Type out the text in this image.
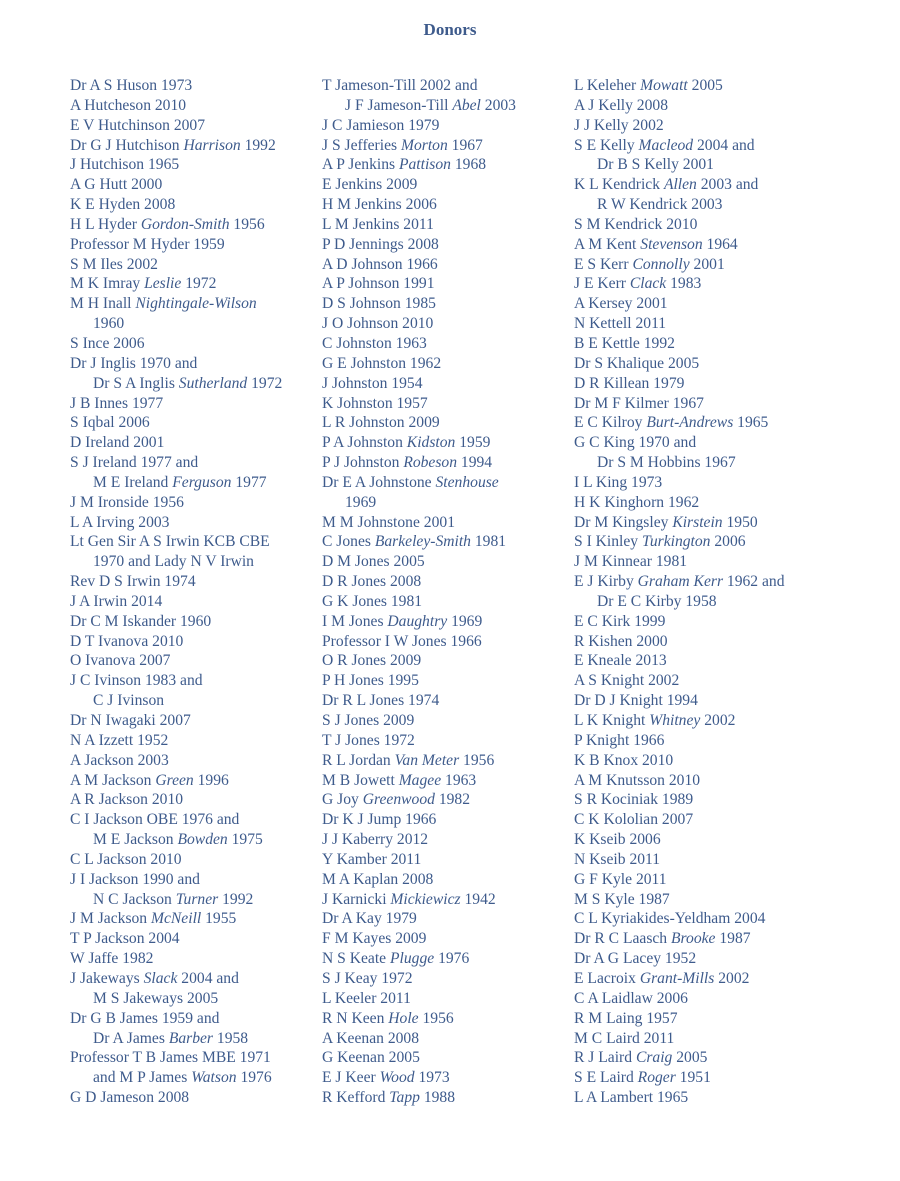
Donors
Dr A S Huson 1973
A Hutcheson 2010
E V Hutchinson 2007
Dr G J Hutchison Harrison 1992
J Hutchison 1965
A G Hutt 2000
K E Hyden 2008
H L Hyder Gordon-Smith 1956
Professor M Hyder 1959
S M Iles 2002
M K Imray Leslie 1972
M H Inall Nightingale-Wilson
1960
S Ince 2006
Dr J Inglis 1970 and
Dr S A Inglis Sutherland 1972
J B Innes 1977
S Iqbal 2006
D Ireland 2001
S J Ireland 1977 and
M E Ireland Ferguson 1977
J M Ironside 1956
L A Irving 2003
Lt Gen Sir A S Irwin KCB CBE
1970 and Lady N V Irwin
Rev D S Irwin 1974
J A Irwin 2014
Dr C M Iskander 1960
D T Ivanova 2010
O Ivanova 2007
J C Ivinson 1983 and
C J Ivinson
Dr N Iwagaki 2007
N A Izzett 1952
A Jackson 2003
A M Jackson Green 1996
A R Jackson 2010
C I Jackson OBE 1976 and
M E Jackson Bowden 1975
C L Jackson 2010
J I Jackson 1990 and
N C Jackson Turner 1992
J M Jackson McNeill 1955
T P Jackson 2004
W Jaffe 1982
J Jakeways Slack 2004 and
M S Jakeways 2005
Dr G B James 1959 and
Dr A James Barber 1958
Professor T B James MBE 1971
and M P James Watson 1976
G D Jameson 2008
T Jameson-Till 2002 and
J F Jameson-Till Abel 2003
J C Jamieson 1979
J S Jefferies Morton 1967
A P Jenkins Pattison 1968
E Jenkins 2009
H M Jenkins 2006
L M Jenkins 2011
P D Jennings 2008
A D Johnson 1966
A P Johnson 1991
D S Johnson 1985
J O Johnson 2010
C Johnston 1963
G E Johnston 1962
J Johnston 1954
K Johnston 1957
L R Johnston 2009
P A Johnston Kidston 1959
P J Johnston Robeson 1994
Dr E A Johnstone Stenhouse
1969
M M Johnstone 2001
C Jones Barkeley-Smith 1981
D M Jones 2005
D R Jones 2008
G K Jones 1981
I M Jones Daughtry 1969
Professor I W Jones 1966
O R Jones 2009
P H Jones 1995
Dr R L Jones 1974
S J Jones 2009
T J Jones 1972
R L Jordan Van Meter 1956
M B Jowett Magee 1963
G Joy Greenwood 1982
Dr K J Jump 1966
J J Kaberry 2012
Y Kamber 2011
M A Kaplan 2008
J Karnicki Mickiewicz 1942
Dr A Kay 1979
F M Kayes 2009
N S Keate Plugge 1976
S J Keay 1972
L Keeler 2011
R N Keen Hole 1956
A Keenan 2008
G Keenan 2005
E J Keer Wood 1973
R Kefford Tapp 1988
L Keleher Mowatt 2005
A J Kelly 2008
J J Kelly 2002
S E Kelly Macleod 2004 and
Dr B S Kelly 2001
K L Kendrick Allen 2003 and
R W Kendrick 2003
S M Kendrick 2010
A M Kent Stevenson 1964
E S Kerr Connolly 2001
J E Kerr Clack 1983
A Kersey 2001
N Kettell 2011
B E Kettle 1992
Dr S Khalique 2005
D R Killean 1979
Dr M F Kilmer 1967
E C Kilroy Burt-Andrews 1965
G C King 1970 and
Dr S M Hobbins 1967
I L King 1973
H K Kinghorn 1962
Dr M Kingsley Kirstein 1950
S I Kinley Turkington 2006
J M Kinnear 1981
E J Kirby Graham Kerr 1962 and
Dr E C Kirby 1958
E C Kirk 1999
R Kishen 2000
E Kneale 2013
A S Knight 2002
Dr D J Knight 1994
L K Knight Whitney 2002
P Knight 1966
K B Knox 2010
A M Knutsson 2010
S R Kociniak 1989
C K Kololian 2007
K Kseib 2006
N Kseib 2011
G F Kyle 2011
M S Kyle 1987
C L Kyriakides-Yeldham 2004
Dr R C Laasch Brooke 1987
Dr A G Lacey 1952
E Lacroix Grant-Mills 2002
C A Laidlaw 2006
R M Laing 1957
M C Laird 2011
R J Laird Craig 2005
S E Laird Roger 1951
L A Lambert 1965
